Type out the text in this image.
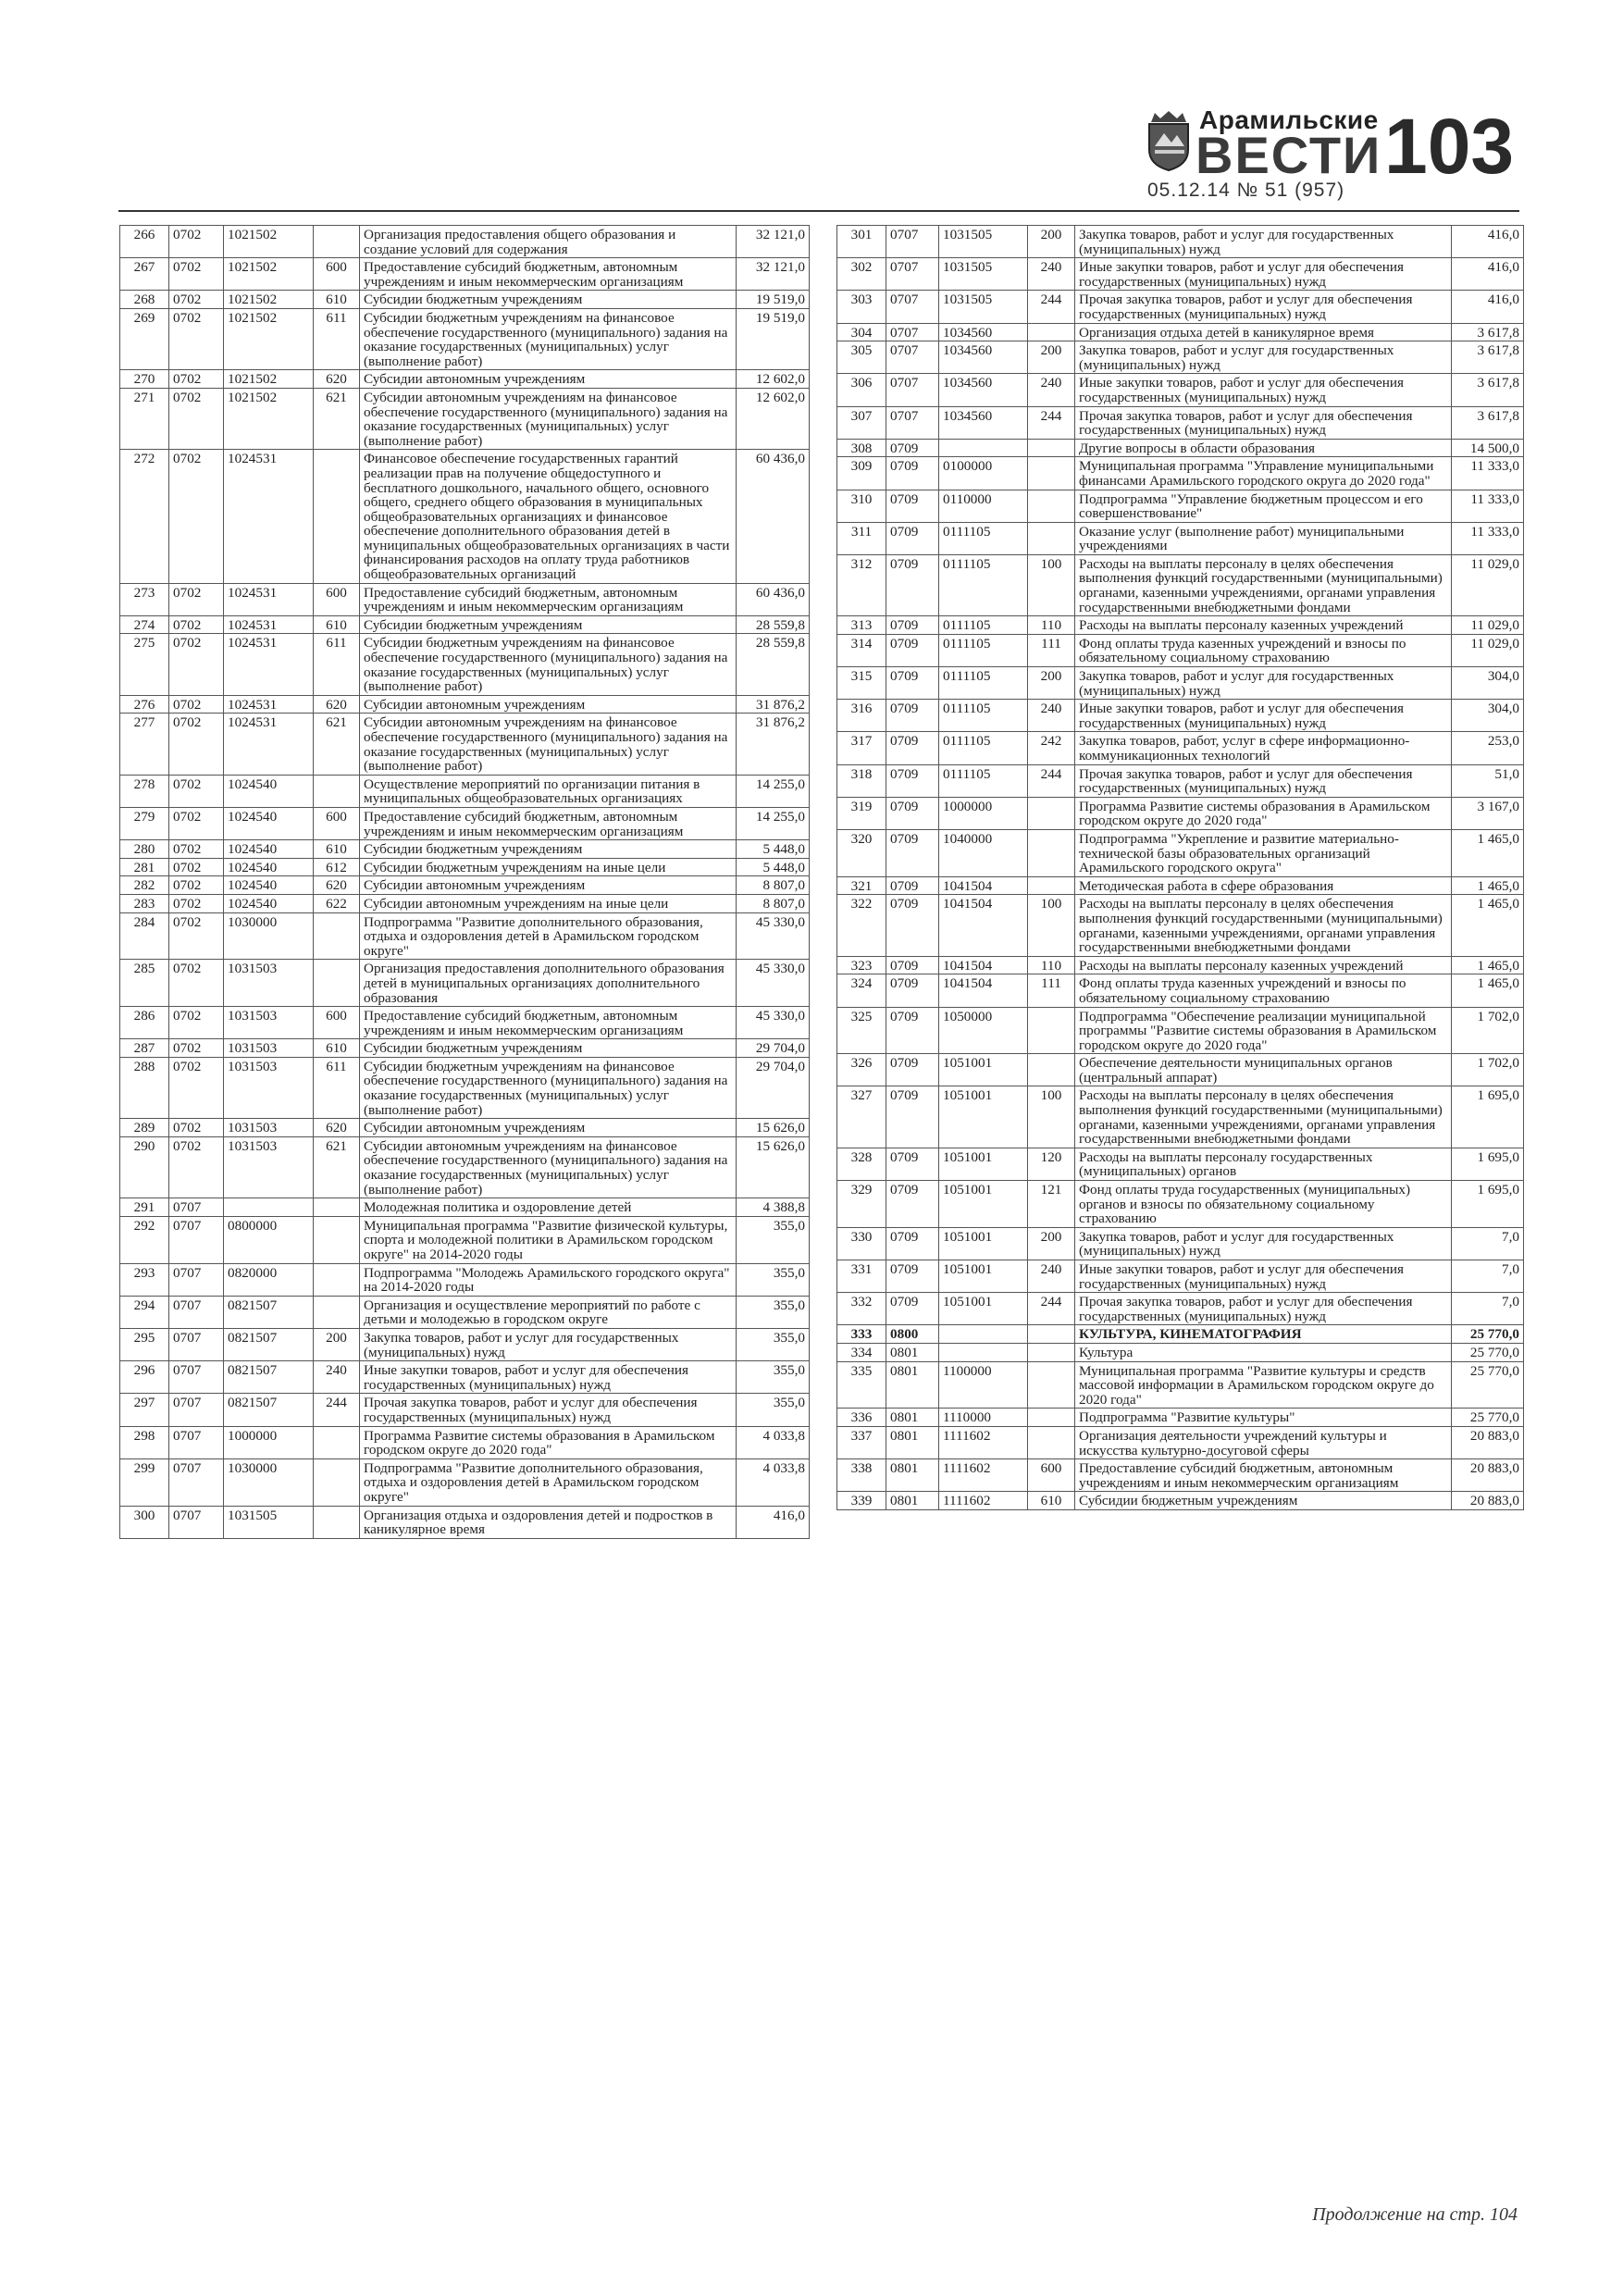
Арамильские
ВЕСТИ 103
05.12.14 № 51 (957)
266	0702	1021502		Организация предоставления общего образования и создание условий для содержания	32 121,0
267	0702	1021502	600	Предоставление субсидий бюджетным, автономным учреждениям и иным некоммерческим организациям	32 121,0
268	0702	1021502	610	Субсидии бюджетным учреждениям	19 519,0
269	0702	1021502	611	Субсидии бюджетным учреждениям на финансовое обеспечение государственного (муниципального) задания на оказание государственных (муниципальных) услуг (выполнение работ)	19 519,0
270	0702	1021502	620	Субсидии автономным учреждениям	12 602,0
271	0702	1021502	621	Субсидии автономным учреждениям на финансовое обеспечение государственного (муниципального) задания на оказание государственных (муниципальных) услуг (выполнение работ)	12 602,0
272	0702	1024531		Финансовое обеспечение государственных гарантий реализации прав на получение общедоступного и бесплатного дошкольного, начального общего, основного общего, среднего общего образования в муниципальных общеобразовательных организациях и финансовое обеспечение дополнительного образования детей в муниципальных общеобразовательных организациях в части финансирования расходов на оплату труда работников общеобразовательных организаций	60 436,0
273	0702	1024531	600	Предоставление субсидий бюджетным, автономным учреждениям и иным некоммерческим организациям	60 436,0
274	0702	1024531	610	Субсидии бюджетным учреждениям	28 559,8
275	0702	1024531	611	Субсидии бюджетным учреждениям на финансовое обеспечение государственного (муниципального) задания на оказание государственных (муниципальных) услуг (выполнение работ)	28 559,8
276	0702	1024531	620	Субсидии автономным учреждениям	31 876,2
277	0702	1024531	621	Субсидии автономным учреждениям на финансовое обеспечение государственного (муниципального) задания на оказание государственных (муниципальных) услуг (выполнение работ)	31 876,2
278	0702	1024540		Осуществление мероприятий по организации питания в муниципальных общеобразовательных организациях	14 255,0
279	0702	1024540	600	Предоставление субсидий бюджетным, автономным учреждениям и иным некоммерческим организациям	14 255,0
280	0702	1024540	610	Субсидии бюджетным учреждениям	5 448,0
281	0702	1024540	612	Субсидии бюджетным учреждениям на иные цели	5 448,0
282	0702	1024540	620	Субсидии автономным учреждениям	8 807,0
283	0702	1024540	622	Субсидии автономным учреждениям на иные цели	8 807,0
284	0702	1030000		Подпрограмма "Развитие дополнительного образования, отдыха и оздоровления детей в Арамильском городском округе"	45 330,0
285	0702	1031503		Организация предоставления дополнительного образования детей в муниципальных организациях дополнительного образования	45 330,0
286	0702	1031503	600	Предоставление субсидий бюджетным, автономным учреждениям и иным некоммерческим организациям	45 330,0
287	0702	1031503	610	Субсидии бюджетным учреждениям	29 704,0
288	0702	1031503	611	Субсидии бюджетным учреждениям на финансовое обеспечение государственного (муниципального) задания на оказание государственных (муниципальных) услуг (выполнение работ)	29 704,0
289	0702	1031503	620	Субсидии автономным учреждениям	15 626,0
290	0702	1031503	621	Субсидии автономным учреждениям на финансовое обеспечение государственного (муниципального) задания на оказание государственных (муниципальных) услуг (выполнение работ)	15 626,0
291	0707			Молодежная политика и оздоровление детей	4 388,8
292	0707	0800000		Муниципальная программа "Развитие физической культуры, спорта и молодежной политики в Арамильском городском округе" на 2014-2020 годы	355,0
293	0707	0820000		Подпрограмма "Молодежь Арамильского городского округа" на 2014-2020 годы	355,0
294	0707	0821507		Организация и осуществление мероприятий по работе с детьми и молодежью в городском округе	355,0
295	0707	0821507	200	Закупка товаров, работ и услуг для государственных (муниципальных) нужд	355,0
296	0707	0821507	240	Иные закупки товаров, работ и услуг для обеспечения государственных (муниципальных) нужд	355,0
297	0707	0821507	244	Прочая закупка товаров, работ и услуг для обеспечения государственных (муниципальных) нужд	355,0
298	0707	1000000		Программа Развитие системы образования в Арамильском городском округе до 2020 года"	4 033,8
299	0707	1030000		Подпрограмма "Развитие дополнительного образования, отдыха и оздоровления детей в Арамильском городском округе"	4 033,8
300	0707	1031505		Организация отдыха и оздоровления детей и подростков в каникулярное время	416,0
301	0707	1031505	200	Закупка товаров, работ и услуг для государственных (муниципальных) нужд	416,0
302	0707	1031505	240	Иные закупки товаров, работ и услуг для обеспечения государственных (муниципальных) нужд	416,0
303	0707	1031505	244	Прочая закупка товаров, работ и услуг для обеспечения государственных (муниципальных) нужд	416,0
304	0707	1034560		Организация отдыха детей в каникулярное время	3 617,8
305	0707	1034560	200	Закупка товаров, работ и услуг для государственных (муниципальных) нужд	3 617,8
306	0707	1034560	240	Иные закупки товаров, работ и услуг для обеспечения государственных (муниципальных) нужд	3 617,8
307	0707	1034560	244	Прочая закупка товаров, работ и услуг для обеспечения государственных (муниципальных) нужд	3 617,8
308	0709			Другие вопросы в области образования	14 500,0
309	0709	0100000		Муниципальная программа "Управление муниципальными финансами Арамильского городского округа до 2020 года"	11 333,0
310	0709	0110000		Подпрограмма "Управление бюджетным процессом и его совершенствование"	11 333,0
311	0709	0111105		Оказание услуг (выполнение работ) муниципальными учреждениями	11 333,0
312	0709	0111105	100	Расходы на выплаты персоналу в целях обеспечения выполнения функций государственными (муниципальными) органами, казенными учреждениями, органами управления государственными внебюджетными фондами	11 029,0
313	0709	0111105	110	Расходы на выплаты персоналу казенных учреждений	11 029,0
314	0709	0111105	111	Фонд оплаты труда казенных учреждений и взносы по обязательному социальному страхованию	11 029,0
315	0709	0111105	200	Закупка товаров, работ и услуг для государственных (муниципальных) нужд	304,0
316	0709	0111105	240	Иные закупки товаров, работ и услуг для обеспечения государственных (муниципальных) нужд	304,0
317	0709	0111105	242	Закупка товаров, работ, услуг в сфере информационно-коммуникационных технологий	253,0
318	0709	0111105	244	Прочая закупка товаров, работ и услуг для обеспечения государственных (муниципальных) нужд	51,0
319	0709	1000000		Программа Развитие системы образования в Арамильском городском округе до 2020 года"	3 167,0
320	0709	1040000		Подпрограмма "Укрепление и развитие материально- технической базы образовательных организаций Арамильского городского округа"	1 465,0
321	0709	1041504		Методическая работа в сфере образования	1 465,0
322	0709	1041504	100	Расходы на выплаты персоналу в целях обеспечения выполнения функций государственными (муниципальными) органами, казенными учреждениями, органами управления государственными внебюджетными фондами	1 465,0
323	0709	1041504	110	Расходы на выплаты персоналу казенных учреждений	1 465,0
324	0709	1041504	111	Фонд оплаты труда казенных учреждений и взносы по обязательному социальному страхованию	1 465,0
325	0709	1050000		Подпрограмма "Обеспечение реализации муниципальной программы "Развитие системы образования в Арамильском городском округе до 2020 года"	1 702,0
326	0709	1051001		Обеспечение деятельности муниципальных органов (центральный аппарат)	1 702,0
327	0709	1051001	100	Расходы на выплаты персоналу в целях обеспечения выполнения функций государственными (муниципальными) органами, казенными учреждениями, органами управления государственными внебюджетными фондами	1 695,0
328	0709	1051001	120	Расходы на выплаты персоналу государственных (муниципальных) органов	1 695,0
329	0709	1051001	121	Фонд оплаты труда государственных (муниципальных) органов и взносы по обязательному социальному страхованию	1 695,0
330	0709	1051001	200	Закупка товаров, работ и услуг для государственных (муниципальных) нужд	7,0
331	0709	1051001	240	Иные закупки товаров, работ и услуг для обеспечения государственных (муниципальных) нужд	7,0
332	0709	1051001	244	Прочая закупка товаров, работ и услуг для обеспечения государственных (муниципальных) нужд	7,0
333	0800			КУЛЬТУРА, КИНЕМАТОГРАФИЯ	25 770,0
334	0801			Культура	25 770,0
335	0801	1100000		Муниципальная программа "Развитие культуры и средств массовой информации в Арамильском городском округе до 2020 года"	25 770,0
336	0801	1110000		Подпрограмма "Развитие культуры"	25 770,0
337	0801	1111602		Организация деятельности учреждений культуры и искусства культурно-досуговой сферы	20 883,0
338	0801	1111602	600	Предоставление субсидий бюджетным, автономным учреждениям и иным некоммерческим организациям	20 883,0
339	0801	1111602	610	Субсидии бюджетным учреждениям	20 883,0
Продолжение на стр. 104
